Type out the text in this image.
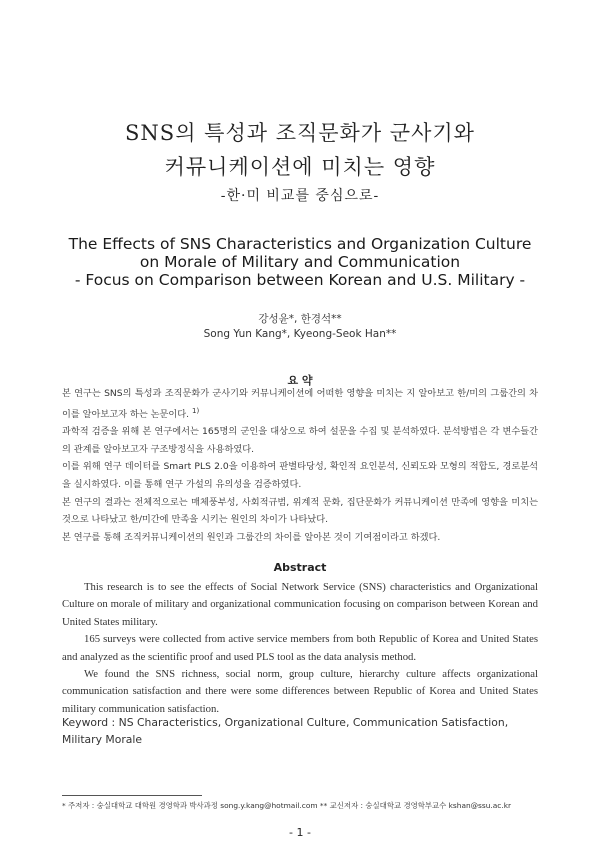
SNS의 특성과 조직문화가 군사기와
커뮤니케이션에 미치는 영향
-한·미 비교를 중심으로-
The Effects of SNS Characteristics and Organization Culture
on Morale of Military and Communication
- Focus on Comparison between Korean and U.S. Military -
강성윤*, 한경석**
Song Yun Kang*, Kyeong-Seok Han**
요 약

본 연구는 SNS의 특성과 조직문화가 군사기와 커뮤니케이션에 어떠한 영향을 미치는 지 알아보고 한/미의 그룹간의 차이를 알아보고자 하는 논문이다. $^{1)}$

과학적 검증을 위해 본 연구에서는 165명의 군인을 대상으로 하여 설문을 수집 및 분석하였다. 분석방법은 각 변수들간의 관계를 알아보고자 구조방정식을 사용하였다.

이를 위해 연구 데이터를 Smart PLS 2.0을 이용하여 판별타당성, 확인적 요인분석, 신뢰도와 모형의 적합도, 경로분석을 실시하였다. 이를 통해 연구 가설의 유의성을 검증하였다.

본 연구의 결과는 전체적으로는 매체풍부성, 사회적규범, 위계적 문화, 집단문화가 커뮤니케이션 만족에 영향을 미치는 것으로 나타났고 한/미간에 만족을 시키는 원인의 차이가 나타났다.

본 연구를 통해 조직커뮤니케이션의 원인과 그룹간의 차이를 알아본 것이 기여점이라고 하겠다.

Abstract

This research is to see the effects of Social Network Service (SNS) characteristics and Organizational Culture on morale of military and organizational communication focusing on comparison between Korean and United States military.

165 surveys were collected from active service members from both Republic of Korea and United States and analyzed as the scientific proof and used PLS tool as the data analysis method.

We found the SNS richness, social norm, group culture, hierarchy culture affects organizational communication satisfaction and there were some differences between Republic of Korea and United States military communication satisfaction.

Keyword : NS Characteristics, Organizational Culture, Communication Satisfaction, Military Morale
* 주저자 : 숭실대학교 대학원 경영학과 박사과정 song.y.kang@hotmail.com ** 교신저자 : 숭실대학교 경영학부교수 kshan@ssu.ac.kr
- 1 -
